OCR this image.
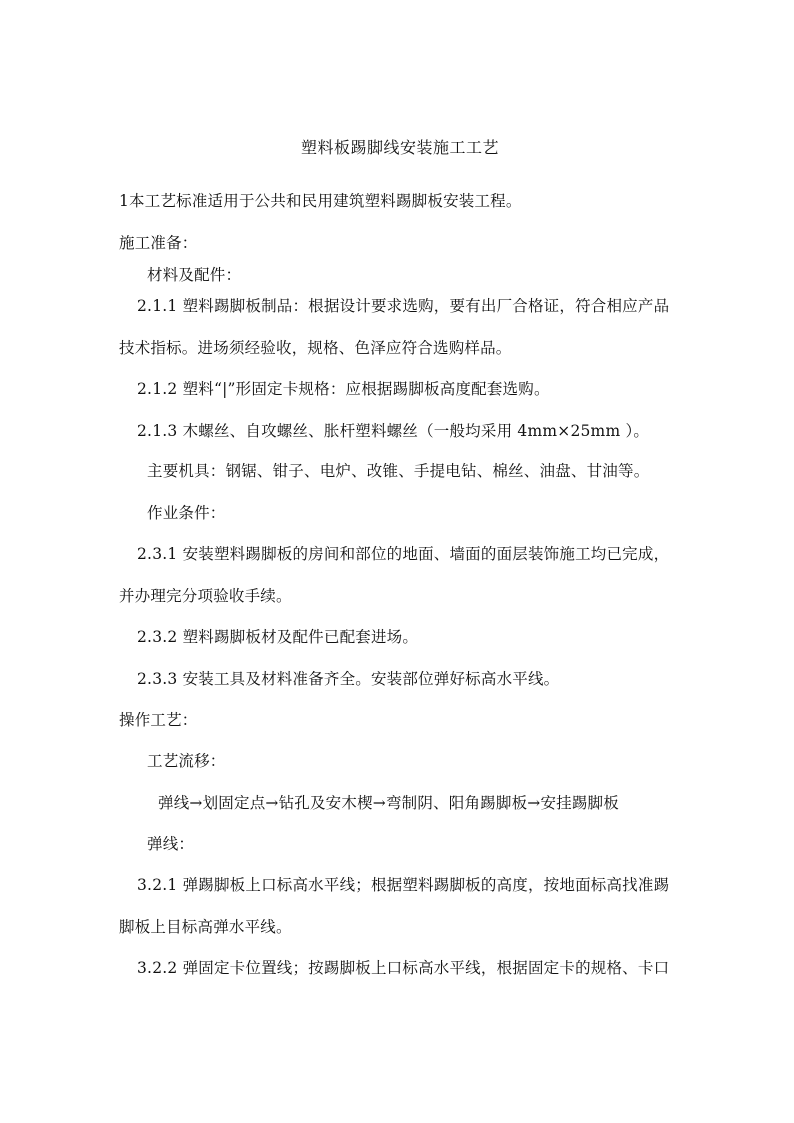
塑料板踢脚线安装施工工艺
1本工艺标准适用于公共和民用建筑塑料踢脚板安装工程。
施工准备：
材料及配件：
2.1.1 塑料踢脚板制品：根据设计要求选购，要有出厂合格证，符合相应产品
技术指标。进场须经验收，规格、色泽应符合选购样品。
2.1.2 塑料“|”形固定卡规格：应根据踢脚板高度配套选购。
2.1.3 木螺丝、自攻螺丝、胀杆塑料螺丝（一般均采用 4mm×25mm ）。
主要机具：钢锯、钳子、电炉、改锥、手提电钻、棉丝、油盘、甘油等。
作业条件：
2.3.1 安装塑料踢脚板的房间和部位的地面、墙面的面层装饰施工均已完成，
并办理完分项验收手续。
2.3.2 塑料踢脚板材及配件已配套进场。
2.3.3 安装工具及材料准备齐全。安装部位弹好标高水平线。
操作工艺：
工艺流移：
弹线→划固定点→钻孔及安木楔→弯制阴、阳角踢脚板→安挂踢脚板
弹线：
3.2.1 弹踢脚板上口标高水平线；根据塑料踢脚板的高度，按地面标高找准踢
脚板上目标高弹水平线。
3.2.2 弹固定卡位置线；按踢脚板上口标高水平线，根据固定卡的规格、卡口
